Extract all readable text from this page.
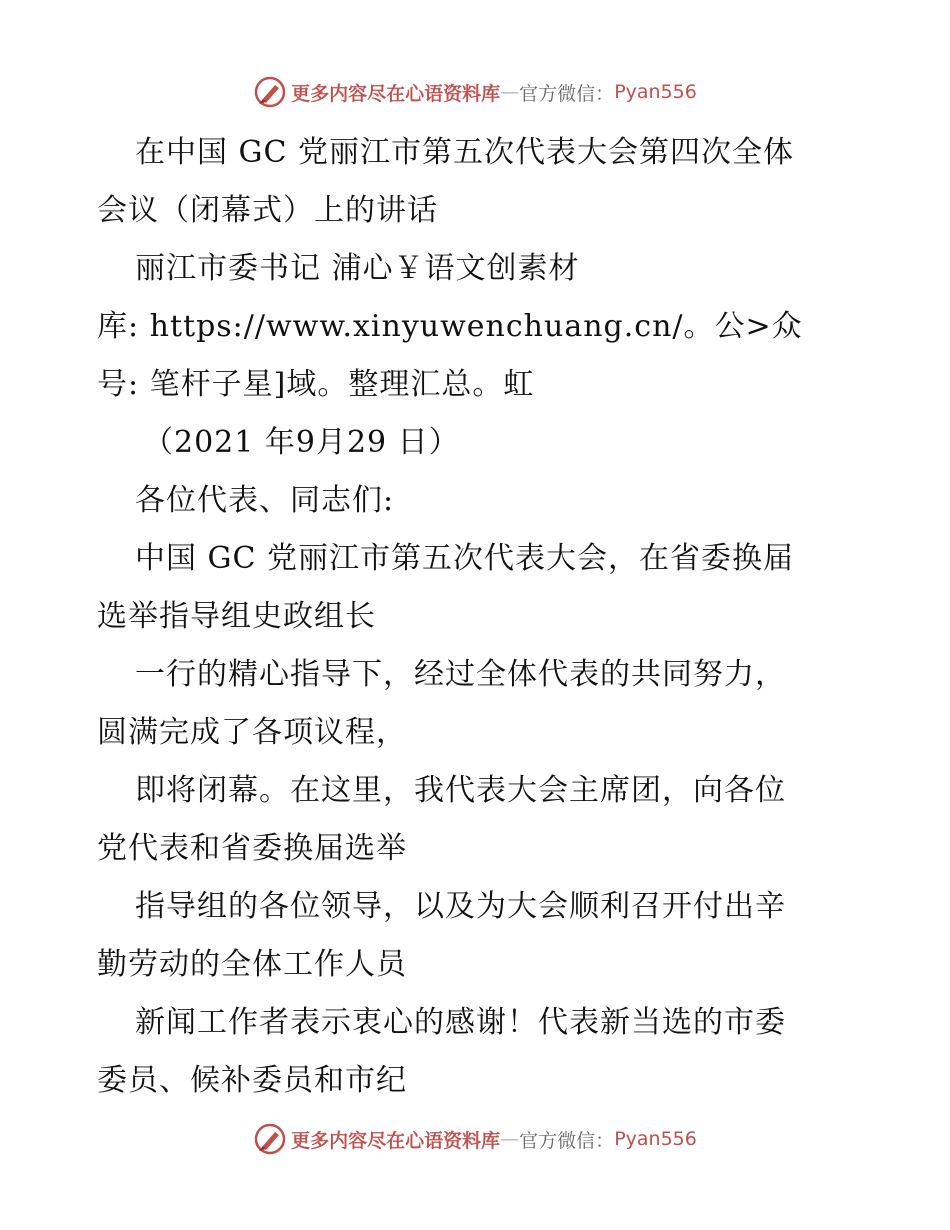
更多内容尽在心语资料库 — 官方微信： Pyan556
在中国 GC 党丽江市第五次代表大会第四次全体
会议（闭幕式）上的讲话
丽江市委书记 浦心￥语文创素材
库: https://www.xinyuwenchuang.cn/。公>众
号: 笔杆子星]域。整理汇总。虹
（2021 年9月29 日）
各位代表、同志们:
中国 GC 党丽江市第五次代表大会，在省委换届
选举指导组史政组长
一行的精心指导下，经过全体代表的共同努力，
圆满完成了各项议程，
即将闭幕。在这里，我代表大会主席团，向各位
党代表和省委换届选举
指导组的各位领导，以及为大会顺利召开付出辛
勤劳动的全体工作人员
新闻工作者表示衷心的感谢！代表新当选的市委
委员、候补委员和市纪
更多内容尽在心语资料库 — 官方微信： Pyan556
